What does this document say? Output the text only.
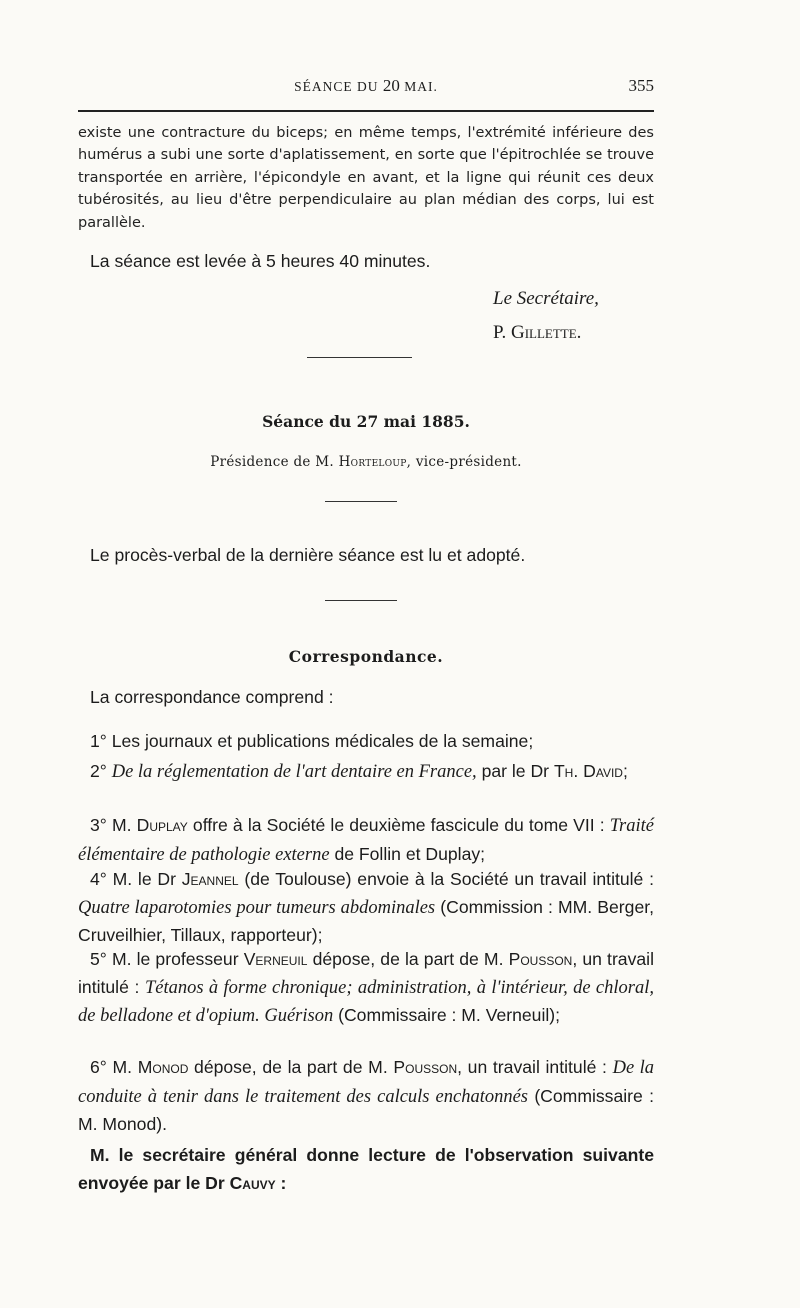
SÉANCE DU 20 MAI.	355
existe une contracture du biceps; en même temps, l'extrémité inférieure des humérus a subi une sorte d'aplatissement, en sorte que l'épitrochlée se trouve transportée en arrière, l'épicondyle en avant, et la ligne qui réunit ces deux tubérosités, au lieu d'être perpendiculaire au plan médian des corps, lui est parallèle.
La séance est levée à 5 heures 40 minutes.
Le Secrétaire,
P. Gillette.
Séance du 27 mai 1885.
Présidence de M. Horteloup, vice-président.
Le procès-verbal de la dernière séance est lu et adopté.
Correspondance.
La correspondance comprend :
1° Les journaux et publications médicales de la semaine;
2° De la réglementation de l'art dentaire en France, par le Dr Th. David;
3° M. Duplay offre à la Société le deuxième fascicule du tome VII : Traité élémentaire de pathologie externe de Follin et Duplay;
4° M. le Dr Jeannel (de Toulouse) envoie à la Société un travail intitulé : Quatre laparotomies pour tumeurs abdominales (Commission : MM. Berger, Cruveilhier, Tillaux, rapporteur);
5° M. le professeur Verneuil dépose, de la part de M. Pousson, un travail intitulé : Tétanos à forme chronique; administration, à l'intérieur, de chloral, de belladone et d'opium. Guérison (Commissaire : M. Verneuil);
6° M. Monod dépose, de la part de M. Pousson, un travail intitulé : De la conduite à tenir dans le traitement des calculs enchatonnés (Commissaire : M. Monod).
M. le secrétaire général donne lecture de l'observation suivante envoyée par le Dr Cauvy :
